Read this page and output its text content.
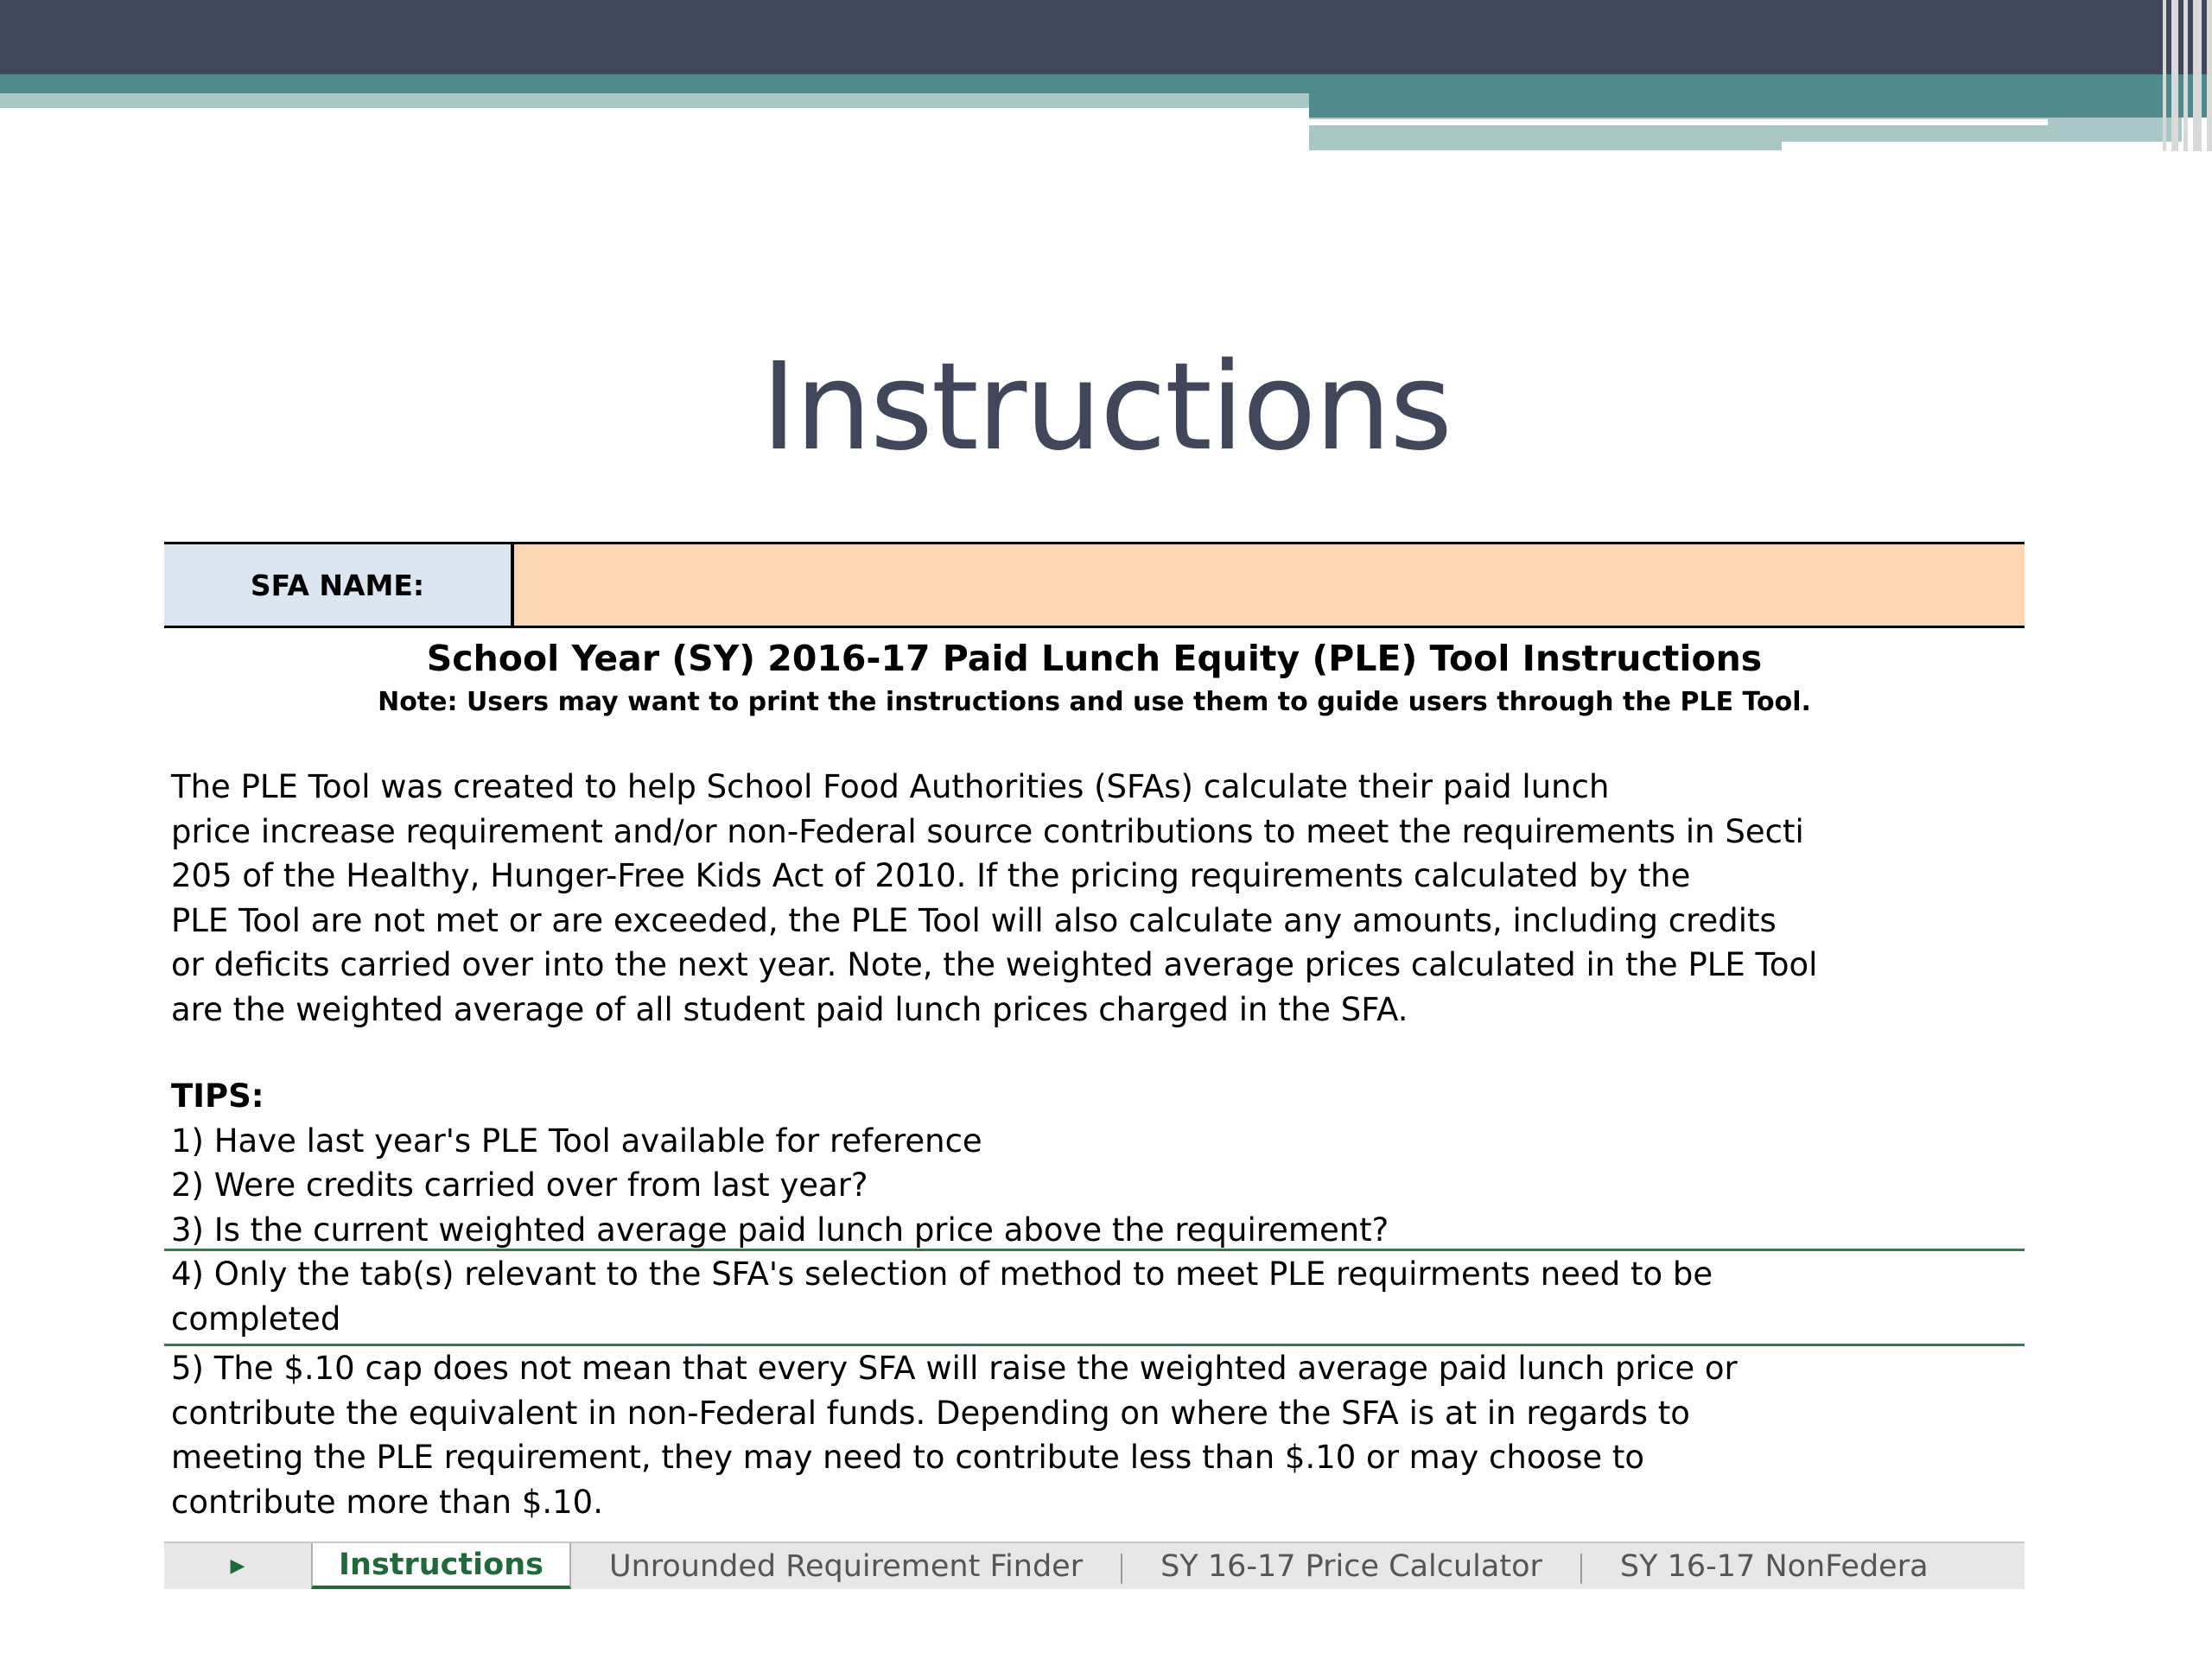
Instructions
SFA NAME:
School Year (SY) 2016-17 Paid Lunch Equity (PLE) Tool Instructions
Note: Users may want to print the instructions and use them to guide users through the PLE Tool.
The PLE Tool was created to help School Food Authorities (SFAs) calculate their paid lunch
price increase requirement and/or non-Federal source contributions to meet the requirements in Secti
205 of the Healthy, Hunger-Free Kids Act of 2010. If the pricing requirements calculated by the
PLE Tool are not met or are exceeded, the PLE Tool will also calculate any amounts, including credits
or deficits carried over into the next year. Note, the weighted average prices calculated in the PLE Tool
are the weighted average of all student paid lunch prices charged in the SFA.
TIPS:
1) Have last year's PLE Tool available for reference
2) Were credits carried over from last year?
3) Is the current weighted average paid lunch price above the requirement?
4) Only the tab(s) relevant to the SFA's selection of method to meet PLE requirments need to be
completed
5) The $.10 cap does not mean that every SFA will raise the weighted average paid lunch price or
contribute the equivalent in non-Federal funds. Depending on where the SFA is at in regards to
meeting the PLE requirement, they may need to contribute less than $.10 or may choose to
contribute more than $.10.
▶	Instructions	Unrounded Requirement Finder	SY 16-17 Price Calculator	SY 16-17 NonFedera
